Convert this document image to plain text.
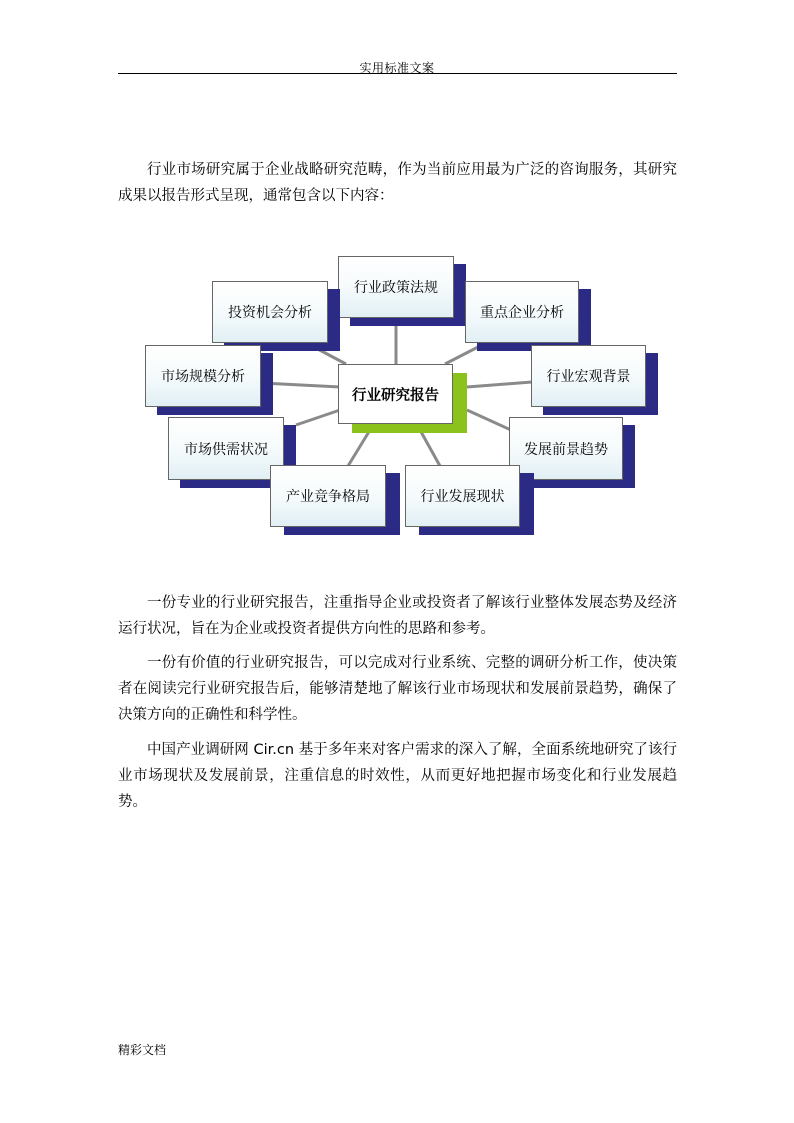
实用标准文案

行业市场研究属于企业战略研究范畴，作为当前应用最为广泛的咨询服务，其研究成果以报告形式呈现，通常包含以下内容：

行业政策法规
投资机会分析	重点企业分析
市场规模分析	行业宏观背景
市场供需状况	发展前景趋势
产业竞争格局	行业发展现状
行业研究报告

一份专业的行业研究报告，注重指导企业或投资者了解该行业整体发展态势及经济运行状况，旨在为企业或投资者提供方向性的思路和参考。

一份有价值的行业研究报告，可以完成对行业系统、完整的调研分析工作，使决策者在阅读完行业研究报告后，能够清楚地了解该行业市场现状和发展前景趋势，确保了决策方向的正确性和科学性。

中国产业调研网 Cir.cn 基于多年来对客户需求的深入了解，全面系统地研究了该行业市场现状及发展前景，注重信息的时效性，从而更好地把握市场变化和行业发展趋势。

精彩文档
